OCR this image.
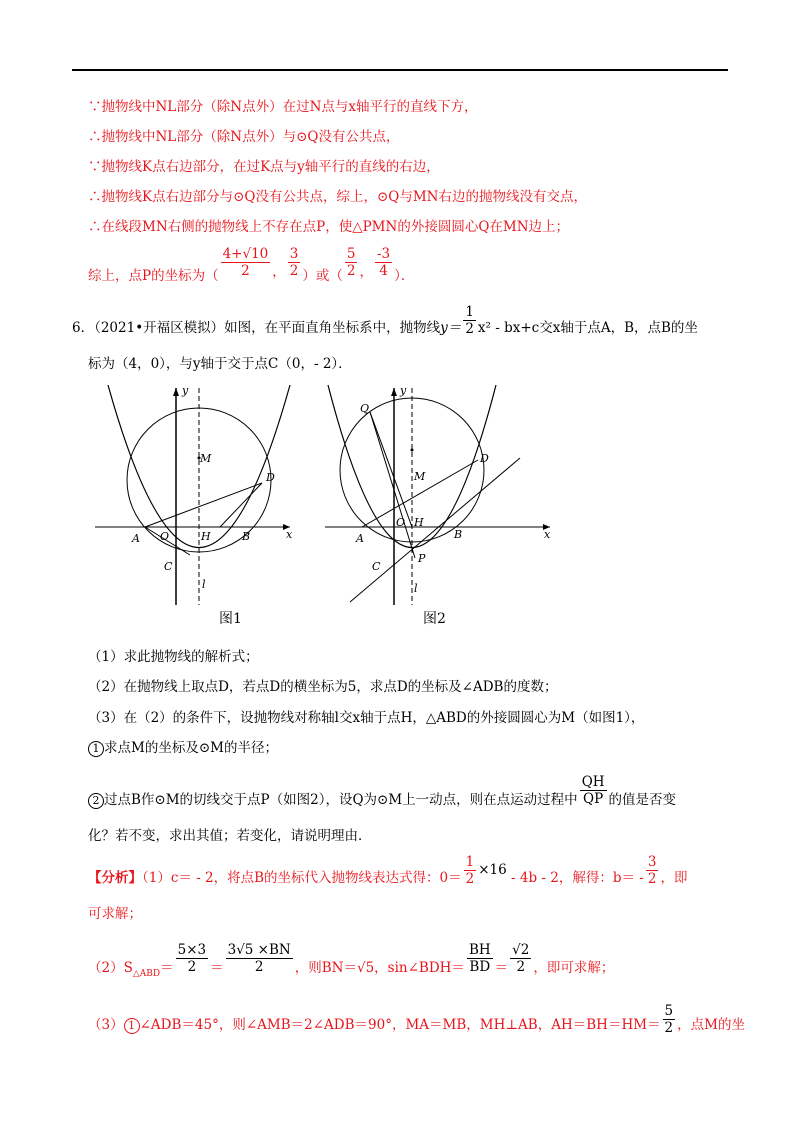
∵抛物线中NL部分（除N点外）在过N点与x轴平行的直线下方，
∴抛物线中NL部分（除N点外）与⊙Q没有公共点，
∵抛物线K点右边部分，在过K点与y轴平行的直线的右边，
∴抛物线K点右边部分与⊙Q没有公共点，综上，⊙Q与MN右边的抛物线没有交点，
∴在线段MN右侧的抛物线上不存在点P，使△PMN的外接圆圆心Q在MN边上；
综上，点P的坐标为（ $\frac{4+√10}{2}$ ， $\frac{3}{2}$ ）或（ $\frac{5}{2}$ ， $\frac{-3}{4}$ ）．
6．（2021•开福区模拟）如图，在平面直角坐标系中，抛物线$y= \frac{1}{2} x^2 - bx+c$交x轴于点A，B，点B的坐
标为（4，0），与y轴于交于点C（0，- 2）．
M
D
A O	H	B	x
y
C
l
图1
M
D
Q
A
O H
B	x
y
P
C
l
图2
（1）求此抛物线的解析式；
（2）在抛物线上取点D，若点D的横坐标为5，求点D的坐标及∠ADB的度数；
（3）在（2）的条件下，设抛物线对称轴l交x轴于点H，△ABD的外接圆圆心为M（如图1），
1 求点M的坐标及⊙M的半径；
2 过点B作⊙M的切线交于点P（如图2），设Q为⊙M上一动点，则在点运动过程中 $\frac{QH}{QP}$ 的值是否变
化？若不变，求出其值；若变化，请说明理由．
【分析】（1）c＝ - 2，将点B的坐标代入抛物线表达式得：$0= \frac{1}{2} \times 16 - 4b - 2$，解得：$b= - \frac{3}{2}$ ，即
可求解；
$(2)S_{\triangle ABD}= \frac{5\times 3}{2} = \frac{3√5 \times BN}{2}$ ，则BN＝√5，sin∠BDH＝ $\frac{BH}{BD} = \frac{√2}{2}$ ，即可求解；
（3） 1 ∠ADB＝45°，则∠AMB＝2∠ADB＝90°，MA＝MB，MH⊥AB，$AH=BH=HM= \frac{5}{2}$ ，点M的坐
